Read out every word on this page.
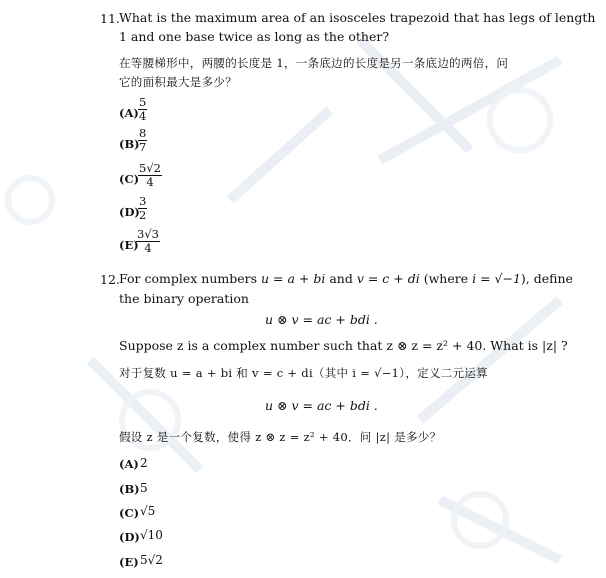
11. What is the maximum area of an isosceles trapezoid that has legs of length
1 and one base twice as long as the other?
在等腰梯形中，两腰的长度是 1，一条底边的长度是另一条底边的两倍，问
它的面积最大是多少？
(A)
5
4
(B)
8
7
(C)
5√2
4
(D)
3
2
(E)
3√3
4
12. For complex numbers u = a + bi and v = c + di (where i = √−1), define
the binary operation
u ⊗ v = ac + bdi .
Suppose z is a complex number such that z ⊗ z = z² + 40. What is |z| ?
对于复数 u = a + bi 和 v = c + di（其中 i = √−1），定义二元运算
u ⊗ v = ac + bdi .
假设 z 是一个复数，使得 z ⊗ z = z² + 40．问 |z| 是多少？
(A) 2
(B) 5
(C) √5
(D) √10
(E) 5√2
